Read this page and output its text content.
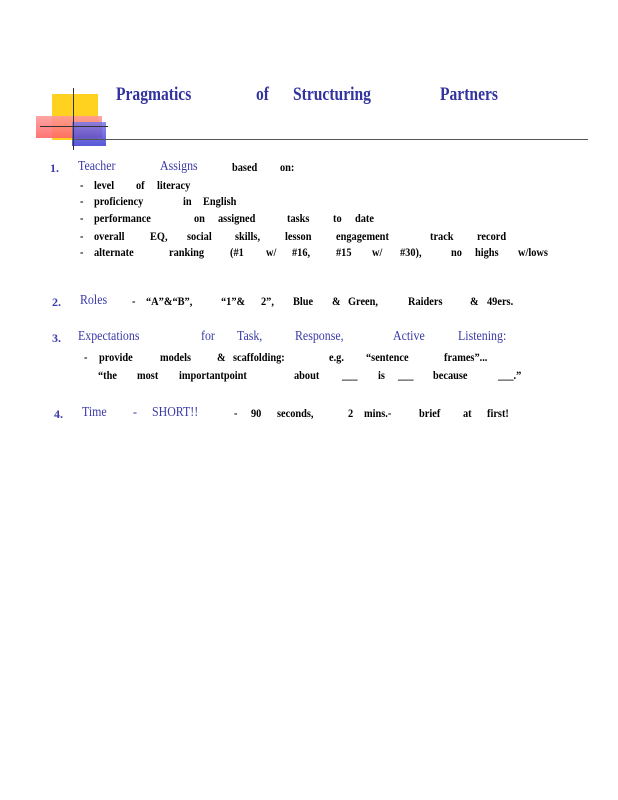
Pragmatics	of Structuring	Partners
1. Teacher	Assigns	based on:
- level of literacy
- proficiency	in English
- performance	on assigned	tasks to date
- overall EQ, social skills, lesson engagement	track record
- alternate	ranking (#1 w/ #16, #15 w/ #30),	no highs w/lows
2. Roles - “A”&“B”, “1”& 2”, Blue & Green,	Raiders & 49ers.
3. Expectations	for Task, Response,	Active Listening:
- provide models & scaffolding:	e.g. “sentence	frames”...
“the most importantpoint	about ___ is ___ because	___.”
4. Time - SHORT!!	- 90 seconds,	2 mins.- brief at first!
